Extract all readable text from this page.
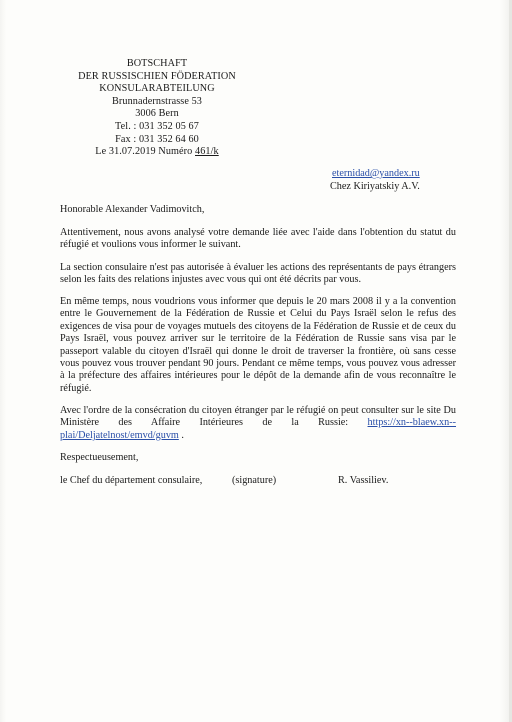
BOTSCHAFT
DER RUSSISCHIEN FÖDERATION
KONSULARABTEILUNG
Brunnadernstrasse 53
3006 Bern
Tel. : 031 352 05 67
Fax : 031 352 64 60
Le 31.07.2019 Numéro 461/k
eternidad@yandex.ru
Chez Kiriyatskiy A.V.
Honorable Alexander Vadimovitch,
Attentivement, nous avons analysé votre demande liée avec l'aide dans l'obtention du statut du réfugié et voulions vous informer le suivant.
La section consulaire n'est pas autorisée à évaluer les actions des représentants de pays étrangers selon les faits des relations injustes avec vous qui ont été décrits par vous.
En même temps, nous voudrions vous informer que depuis le 20 mars 2008 il y a la convention entre le Gouvernement de la Fédération de Russie et Celui du Pays Israël selon le refus des exigences de visa pour de voyages mutuels des citoyens de la Fédération de Russie et de ceux du Pays Israël, vous pouvez arriver sur le territoire de la Fédération de Russie sans visa par le passeport valable du citoyen d'Israël qui donne le droit de traverser la frontière, où sans cesse vous pouvez vous trouver pendant 90 jours. Pendant ce même temps, vous pouvez vous adresser à la préfecture des affaires intérieures pour le dépôt de la demande afin de vous reconnaître le réfugié.
Avec l'ordre de la consécration du citoyen étranger par le réfugié on peut consulter sur le site Du Ministère des Affaire Intérieures de la Russie: https://xn--blaew.xn--plai/Deljatelnost/emvd/guvm .
Respectueusement,
le Chef du département consulaire,	(signature)	R. Vassiliev.
